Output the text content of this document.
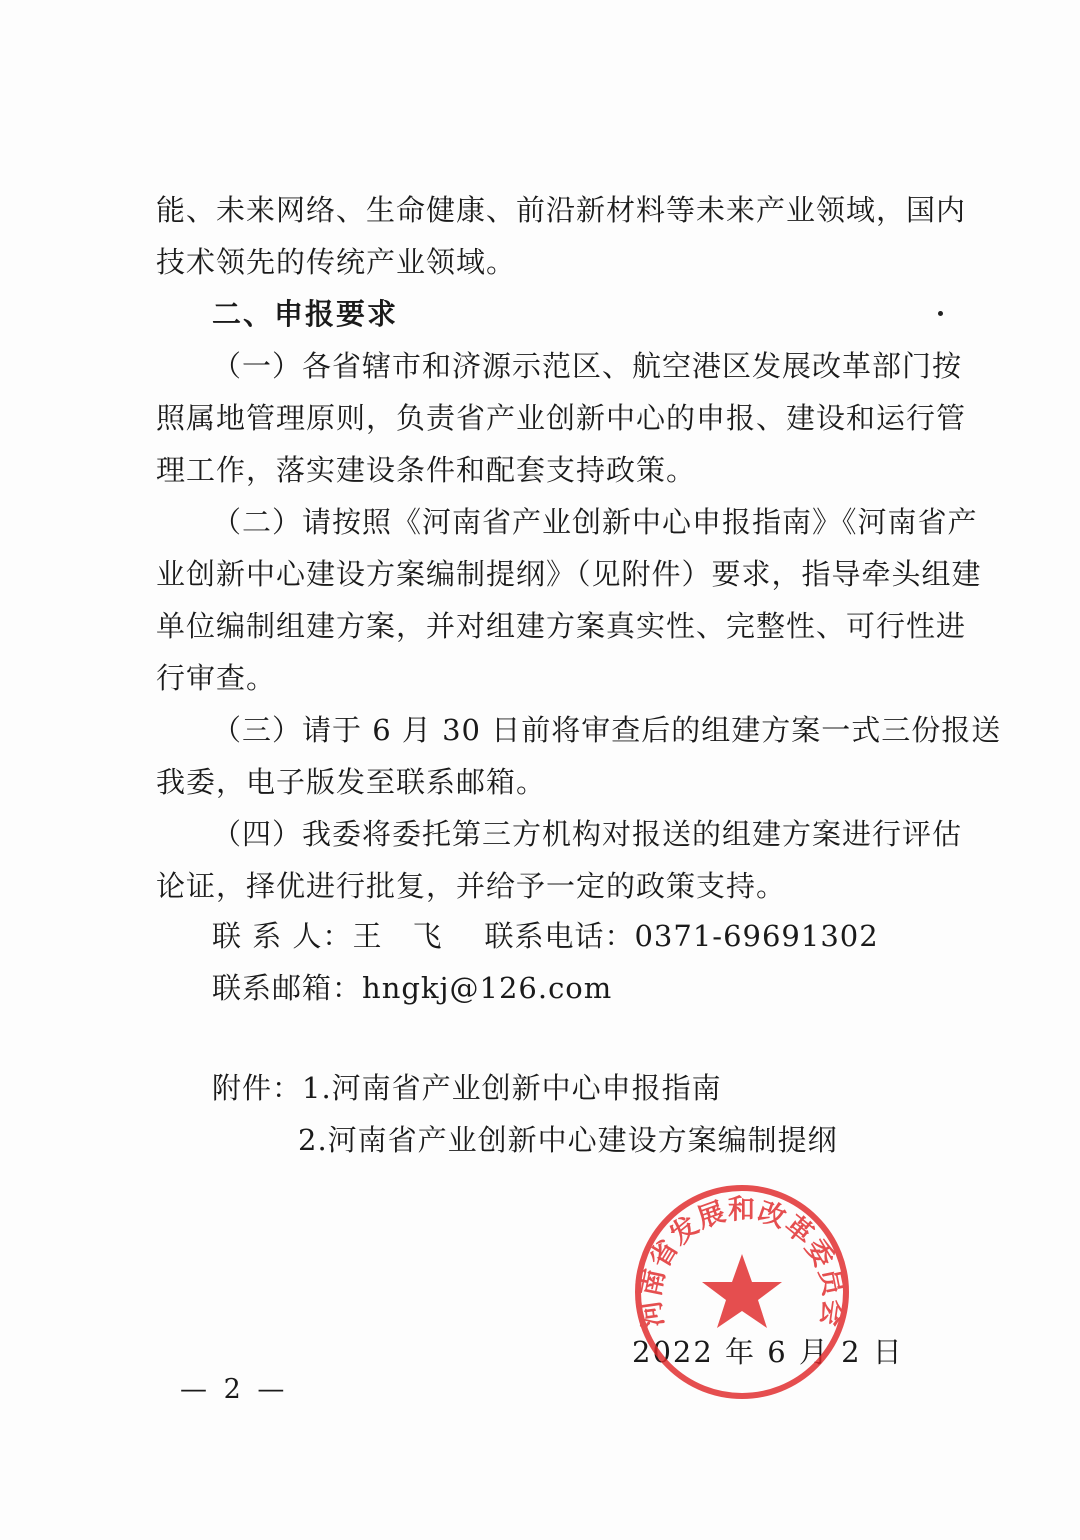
能、未来网络、生命健康、前沿新材料等未来产业领域，国内
技术领先的传统产业领域。
二、申报要求
（一）各省辖市和济源示范区、航空港区发展改革部门按
照属地管理原则，负责省产业创新中心的申报、建设和运行管
理工作，落实建设条件和配套支持政策。
（二）请按照《河南省产业创新中心申报指南》《河南省产
业创新中心建设方案编制提纲》（见附件）要求，指导牵头组建
单位编制组建方案，并对组建方案真实性、完整性、可行性进
行审查。
（三）请于 6 月 30 日前将审查后的组建方案一式三份报送
我委，电子版发至联系邮箱。
（四）我委将委托第三方机构对报送的组建方案进行评估
论证，择优进行批复，并给予一定的政策支持。
联 系 人：王　飞 联系电话：0371-69691302
联系邮箱：hngkj@126.com
附件：1.河南省产业创新中心申报指南
2.河南省产业创新中心建设方案编制提纲
河南省发展和改革委员会
2022 年 6 月 2 日
— 2 —
